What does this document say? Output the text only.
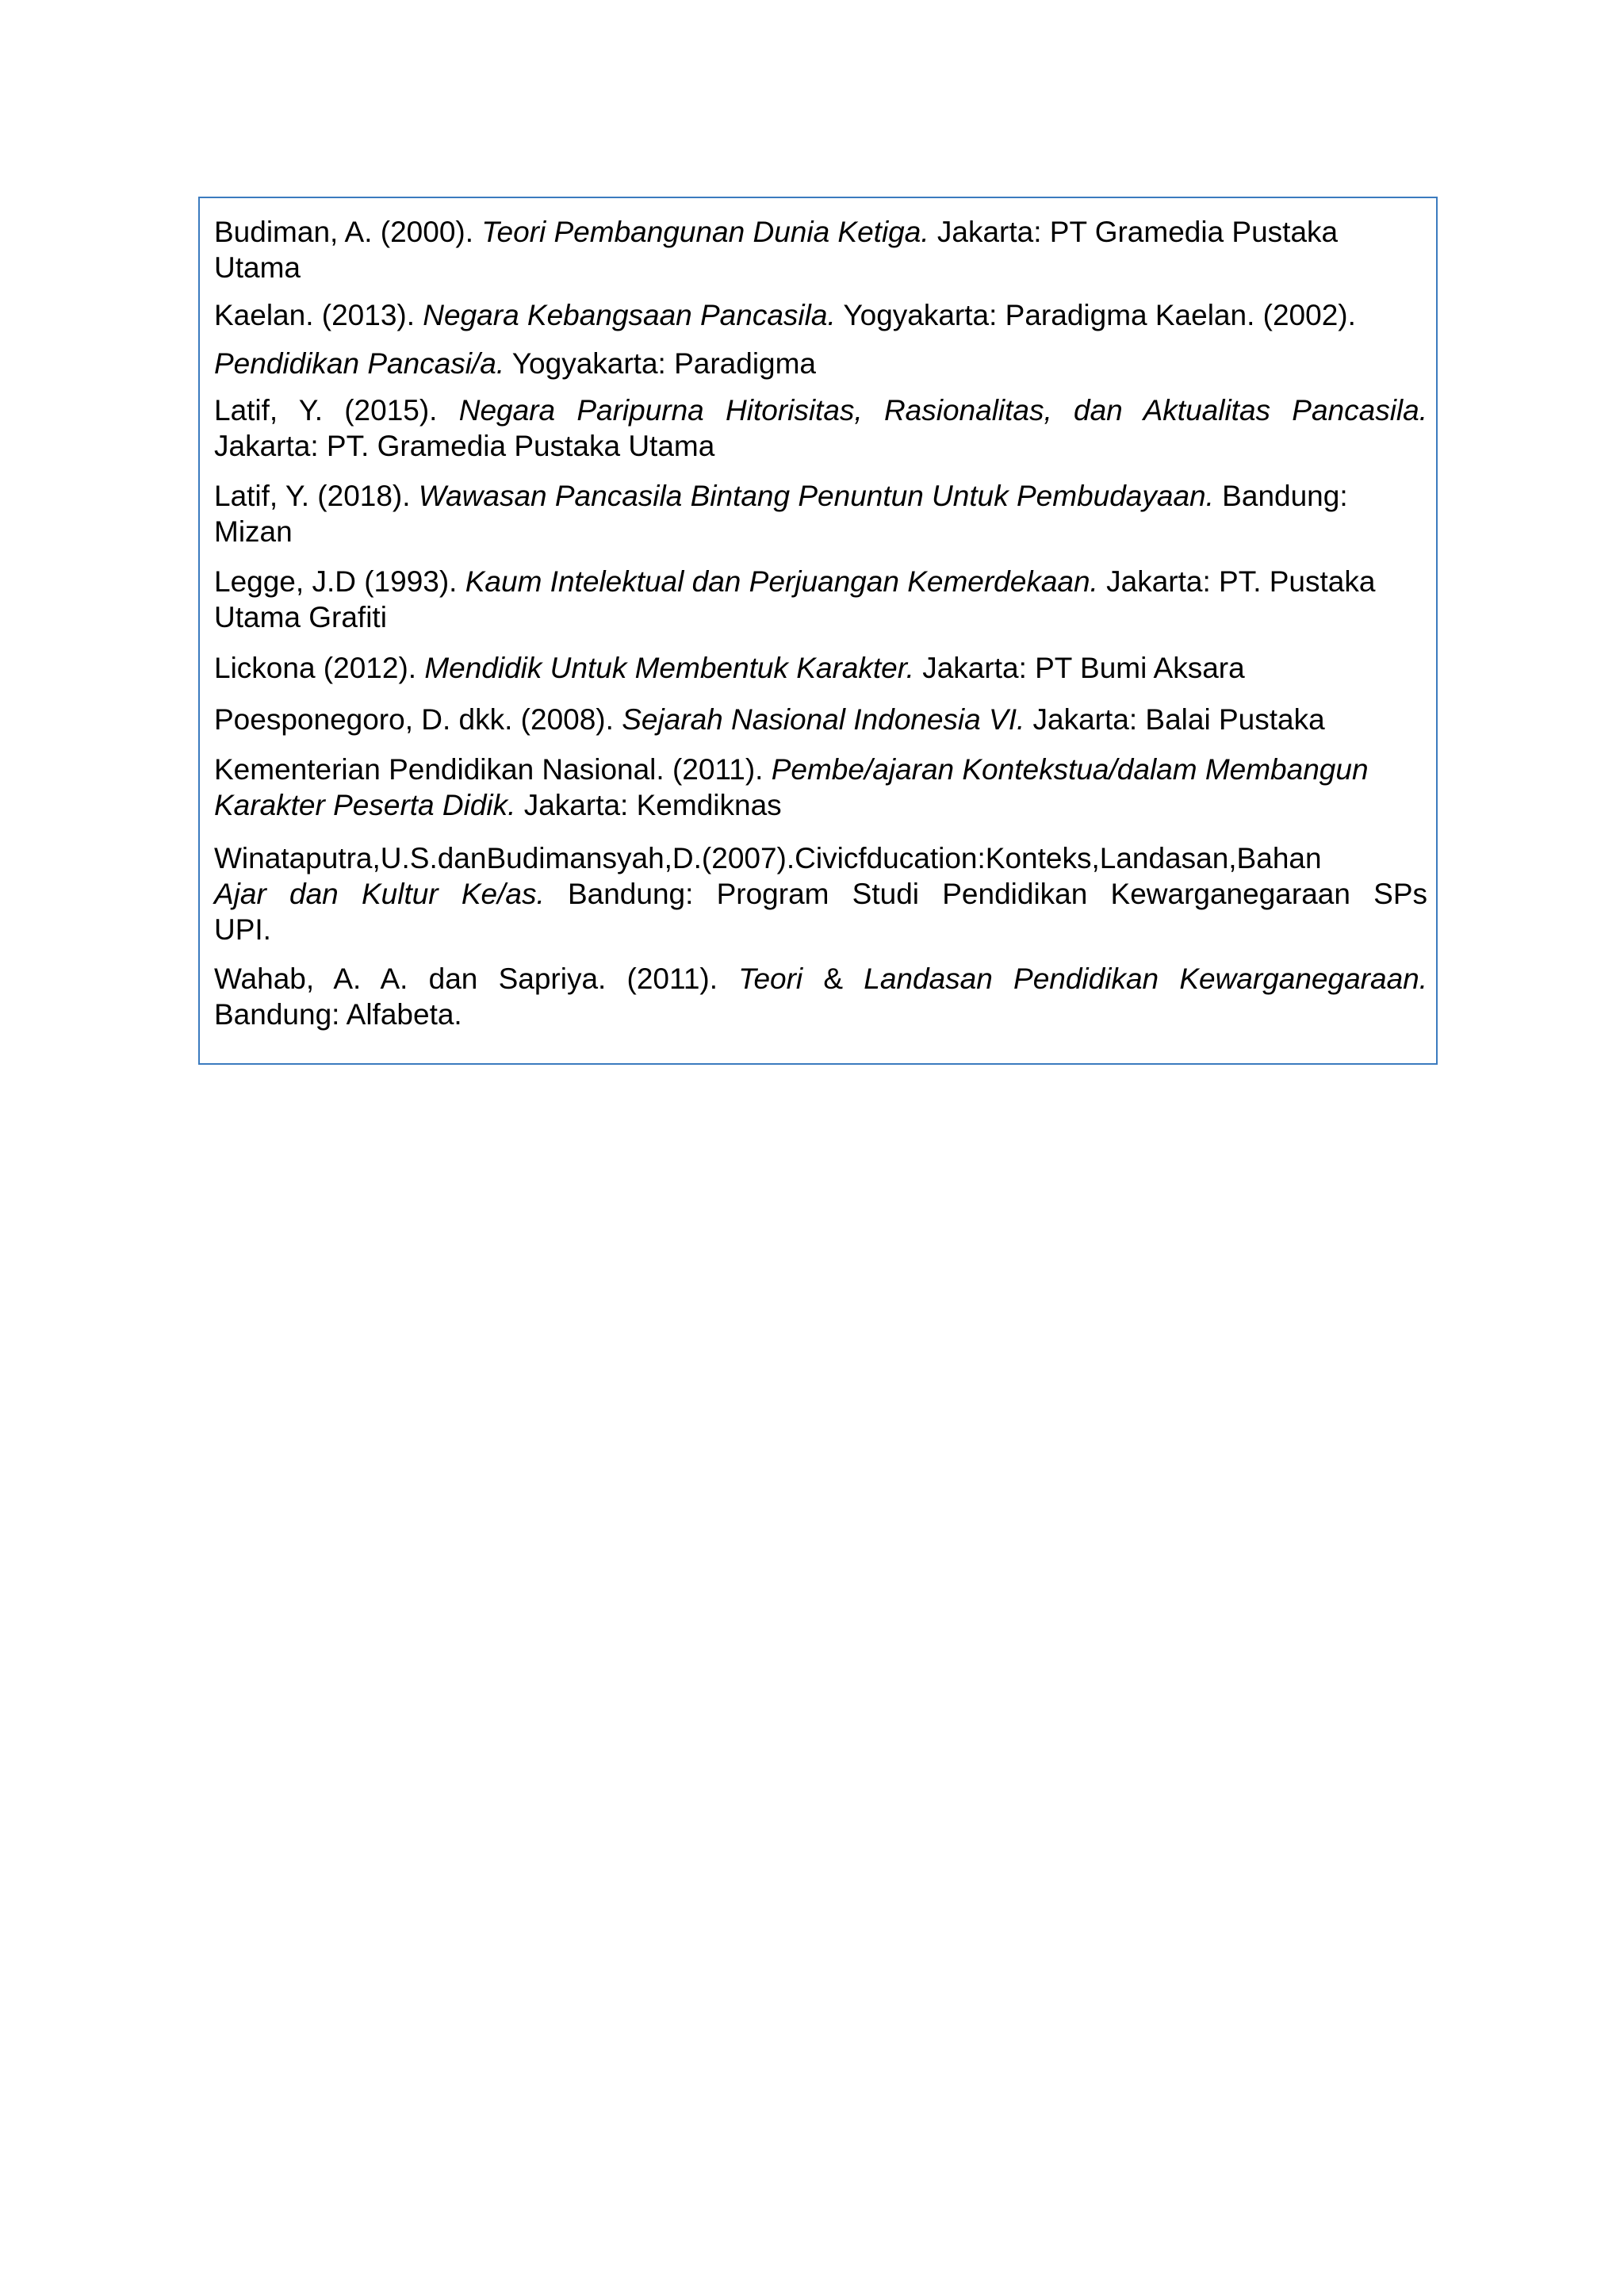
Budiman, A. (2000). Teori Pembangunan Dunia Ketiga. Jakarta: PT Gramedia Pustaka
Utama
Kaelan. (2013). Negara Kebangsaan Pancasila. Yogyakarta: Paradigma Kaelan. (2002).
Pendidikan Pancasi/a. Yogyakarta: Paradigma
Latif, Y. (2015). Negara Paripurna Hitorisitas, Rasionalitas, dan Aktualitas Pancasila.
Jakarta: PT. Gramedia Pustaka Utama
Latif, Y. (2018). Wawasan Pancasila Bintang Penuntun Untuk Pembudayaan. Bandung:
Mizan
Legge, J.D (1993). Kaum Intelektual dan Perjuangan Kemerdekaan. Jakarta: PT. Pustaka
Utama Grafiti
Lickona (2012). Mendidik Untuk Membentuk Karakter. Jakarta: PT Bumi Aksara
Poesponegoro, D. dkk. (2008). Sejarah Nasional Indonesia VI. Jakarta: Balai Pustaka
Kementerian Pendidikan Nasional. (2011). Pembe/ajaran Kontekstua/dalam Membangun
Karakter Peserta Didik. Jakarta: Kemdiknas
Winataputra,U.S.danBudimansyah,D.(2007).Civicfducation:Konteks,Landasan,Bahan
Ajar dan Kultur Ke/as. Bandung: Program Studi Pendidikan Kewarganegaraan SPs
UPI.
Wahab, A. A. dan Sapriya. (2011). Teori & Landasan Pendidikan Kewarganegaraan.
Bandung: Alfabeta.
